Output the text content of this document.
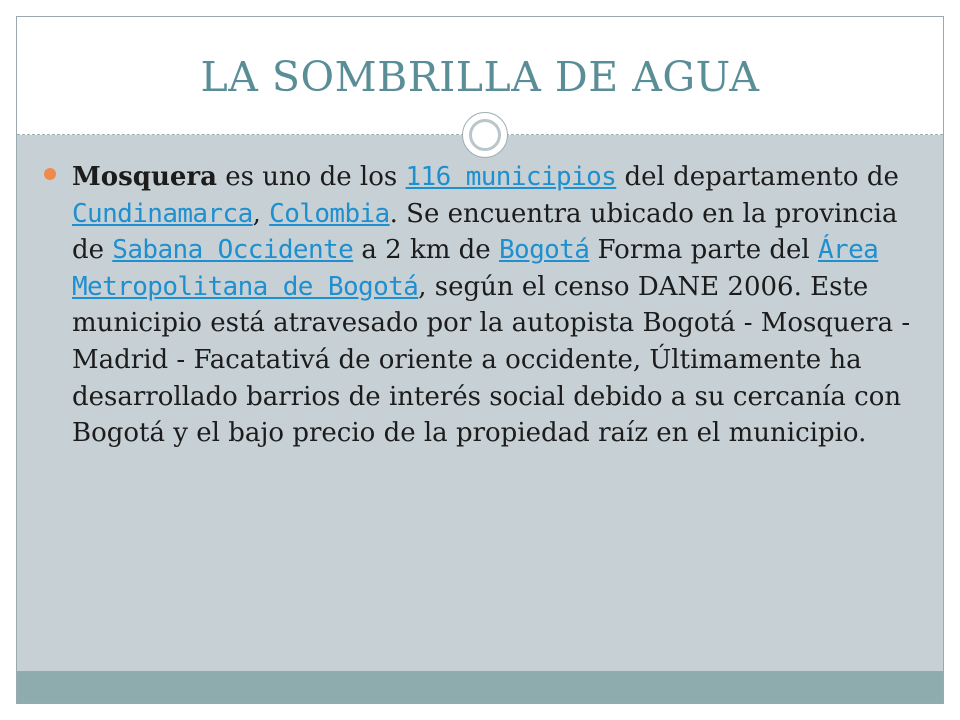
LA SOMBRILLA DE AGUA
Mosquera es uno de los 116 municipios del departamento de Cundinamarca, Colombia. Se encuentra ubicado en la provincia de Sabana Occidente a 2 km de Bogotá Forma parte del Área Metropolitana de Bogotá, según el censo DANE 2006. Este municipio está atravesado por la autopista Bogotá - Mosquera - Madrid - Facatativá de oriente a occidente, Últimamente ha desarrollado barrios de interés social debido a su cercanía con Bogotá y el bajo precio de la propiedad raíz en el municipio.
